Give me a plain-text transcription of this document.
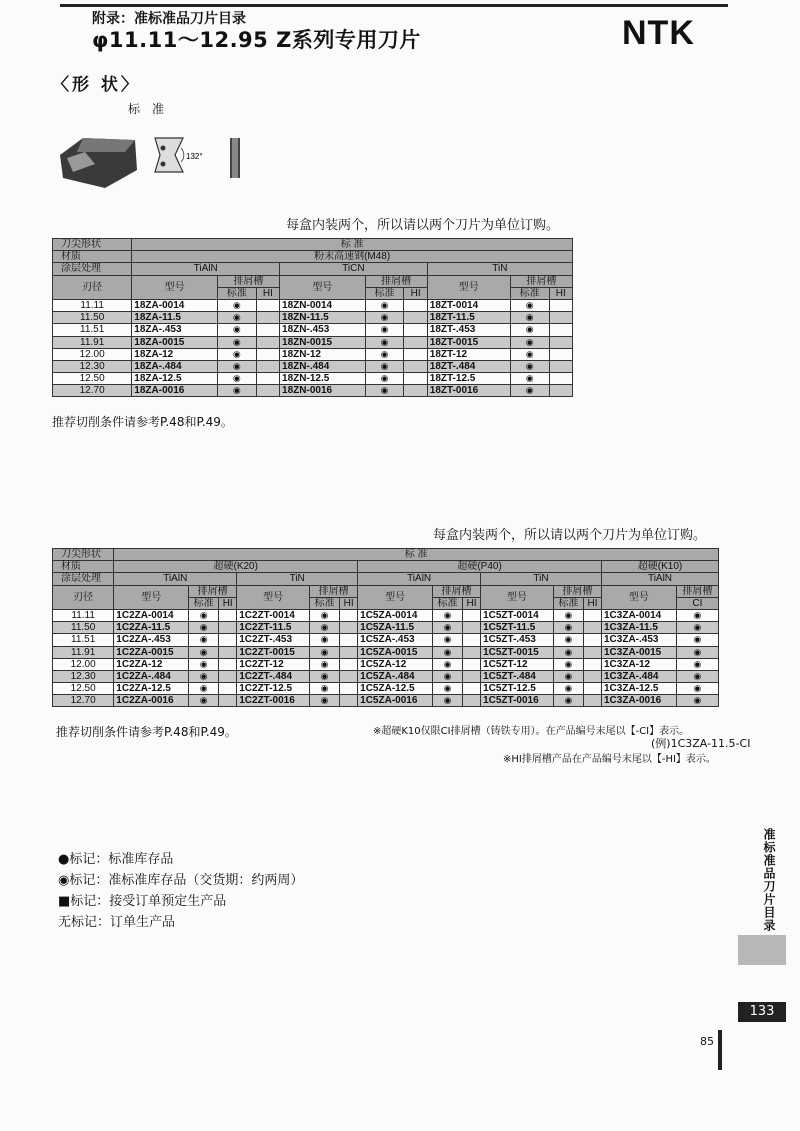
附录：准标准品刀片目录
φ11.11～12.95 Z系列专用刀片	NTK
〈形 状〉
标准
132°
每盒内装两个，所以请以两个刀片为单位订购。
刀尖形状	标 准								
材质	粉末高速钢(M48)								
涂层处理	TiAlN			TiCN			TiN		
刃径	型号	排屑槽		型号	排屑槽		型号	排屑槽	
		标准	HI		标准	HI		标准	HI
11.11	18ZA-0014	◉		18ZN-0014	◉		18ZT-0014	◉	
11.50	18ZA-11.5	◉		18ZN-11.5	◉		18ZT-11.5	◉	
11.51	18ZA-.453	◉		18ZN-.453	◉		18ZT-.453	◉	
11.91	18ZA-0015	◉		18ZN-0015	◉		18ZT-0015	◉	
12.00	18ZA-12	◉		18ZN-12	◉		18ZT-12	◉	
12.30	18ZA-.484	◉		18ZN-.484	◉		18ZT-.484	◉	
12.50	18ZA-12.5	◉		18ZN-12.5	◉		18ZT-12.5	◉	
12.70	18ZA-0016	◉		18ZN-0016	◉		18ZT-0016	◉	
推荐切削条件请参考P.48和P.49。
每盒内装两个，所以请以两个刀片为单位订购。
刀尖形状	标 准													
材质	超硬(K20)						超硬(P40)						超硬(K10)	
涂层处理	TiAlN			TiN			TiAlN			TiN			TiAlN	
刃径	型号	排屑槽		型号	排屑槽		型号	排屑槽		型号	排屑槽		型号	排屑槽
		标准	HI		标准	HI		标准	HI		标准	HI		CI
11.11	1C2ZA-0014	◉		1C2ZT-0014	◉		1C5ZA-0014	◉		1C5ZT-0014	◉		1C3ZA-0014	◉
11.50	1C2ZA-11.5	◉		1C2ZT-11.5	◉		1C5ZA-11.5	◉		1C5ZT-11.5	◉		1C3ZA-11.5	◉
11.51	1C2ZA-.453	◉		1C2ZT-.453	◉		1C5ZA-.453	◉		1C5ZT-.453	◉		1C3ZA-.453	◉
11.91	1C2ZA-0015	◉		1C2ZT-0015	◉		1C5ZA-0015	◉		1C5ZT-0015	◉		1C3ZA-0015	◉
12.00	1C2ZA-12	◉		1C2ZT-12	◉		1C5ZA-12	◉		1C5ZT-12	◉		1C3ZA-12	◉
12.30	1C2ZA-.484	◉		1C2ZT-.484	◉		1C5ZA-.484	◉		1C5ZT-.484	◉		1C3ZA-.484	◉
12.50	1C2ZA-12.5	◉		1C2ZT-12.5	◉		1C5ZA-12.5	◉		1C5ZT-12.5	◉		1C3ZA-12.5	◉
12.70	1C2ZA-0016	◉		1C2ZT-0016	◉		1C5ZA-0016	◉		1C5ZT-0016	◉		1C3ZA-0016	◉
推荐切削条件请参考P.48和P.49。	※超硬K10仅限CI排屑槽（铸铁专用）。在产品编号末尾以【-CI】表示。
(例)1C3ZA-11.5-CI
※HI排屑槽产品在产品编号末尾以【-HI】表示。
●标记：标准库存品
◉标记：准标准库存品（交货期：约两周）
■标记：接受订单预定生产品
无标记：订单生产品	准标准品刀片目录
133
85
